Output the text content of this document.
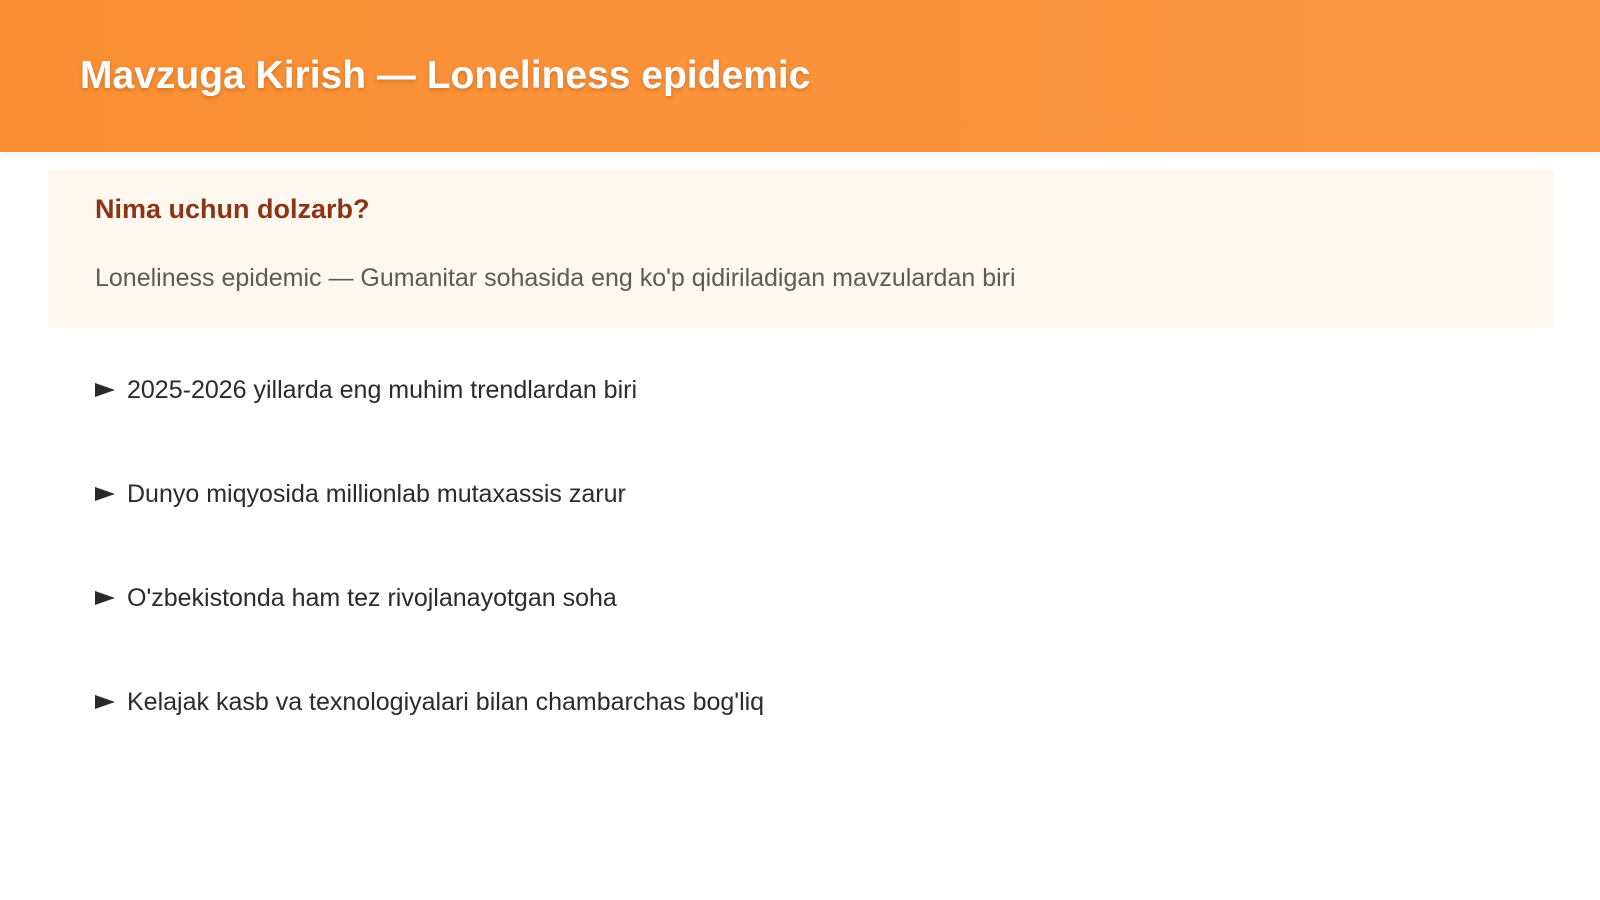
Mavzuga Kirish — Loneliness epidemic
Nima uchun dolzarb?

Loneliness epidemic — Gumanitar sohasida eng ko'p qidiriladigan mavzulardan biri

2025-2026 yillarda eng muhim trendlardan biri
Dunyo miqyosida millionlab mutaxassis zarur
O'zbekistonda ham tez rivojlanayotgan soha
Kelajak kasb va texnologiyalari bilan chambarchas bog'liq
